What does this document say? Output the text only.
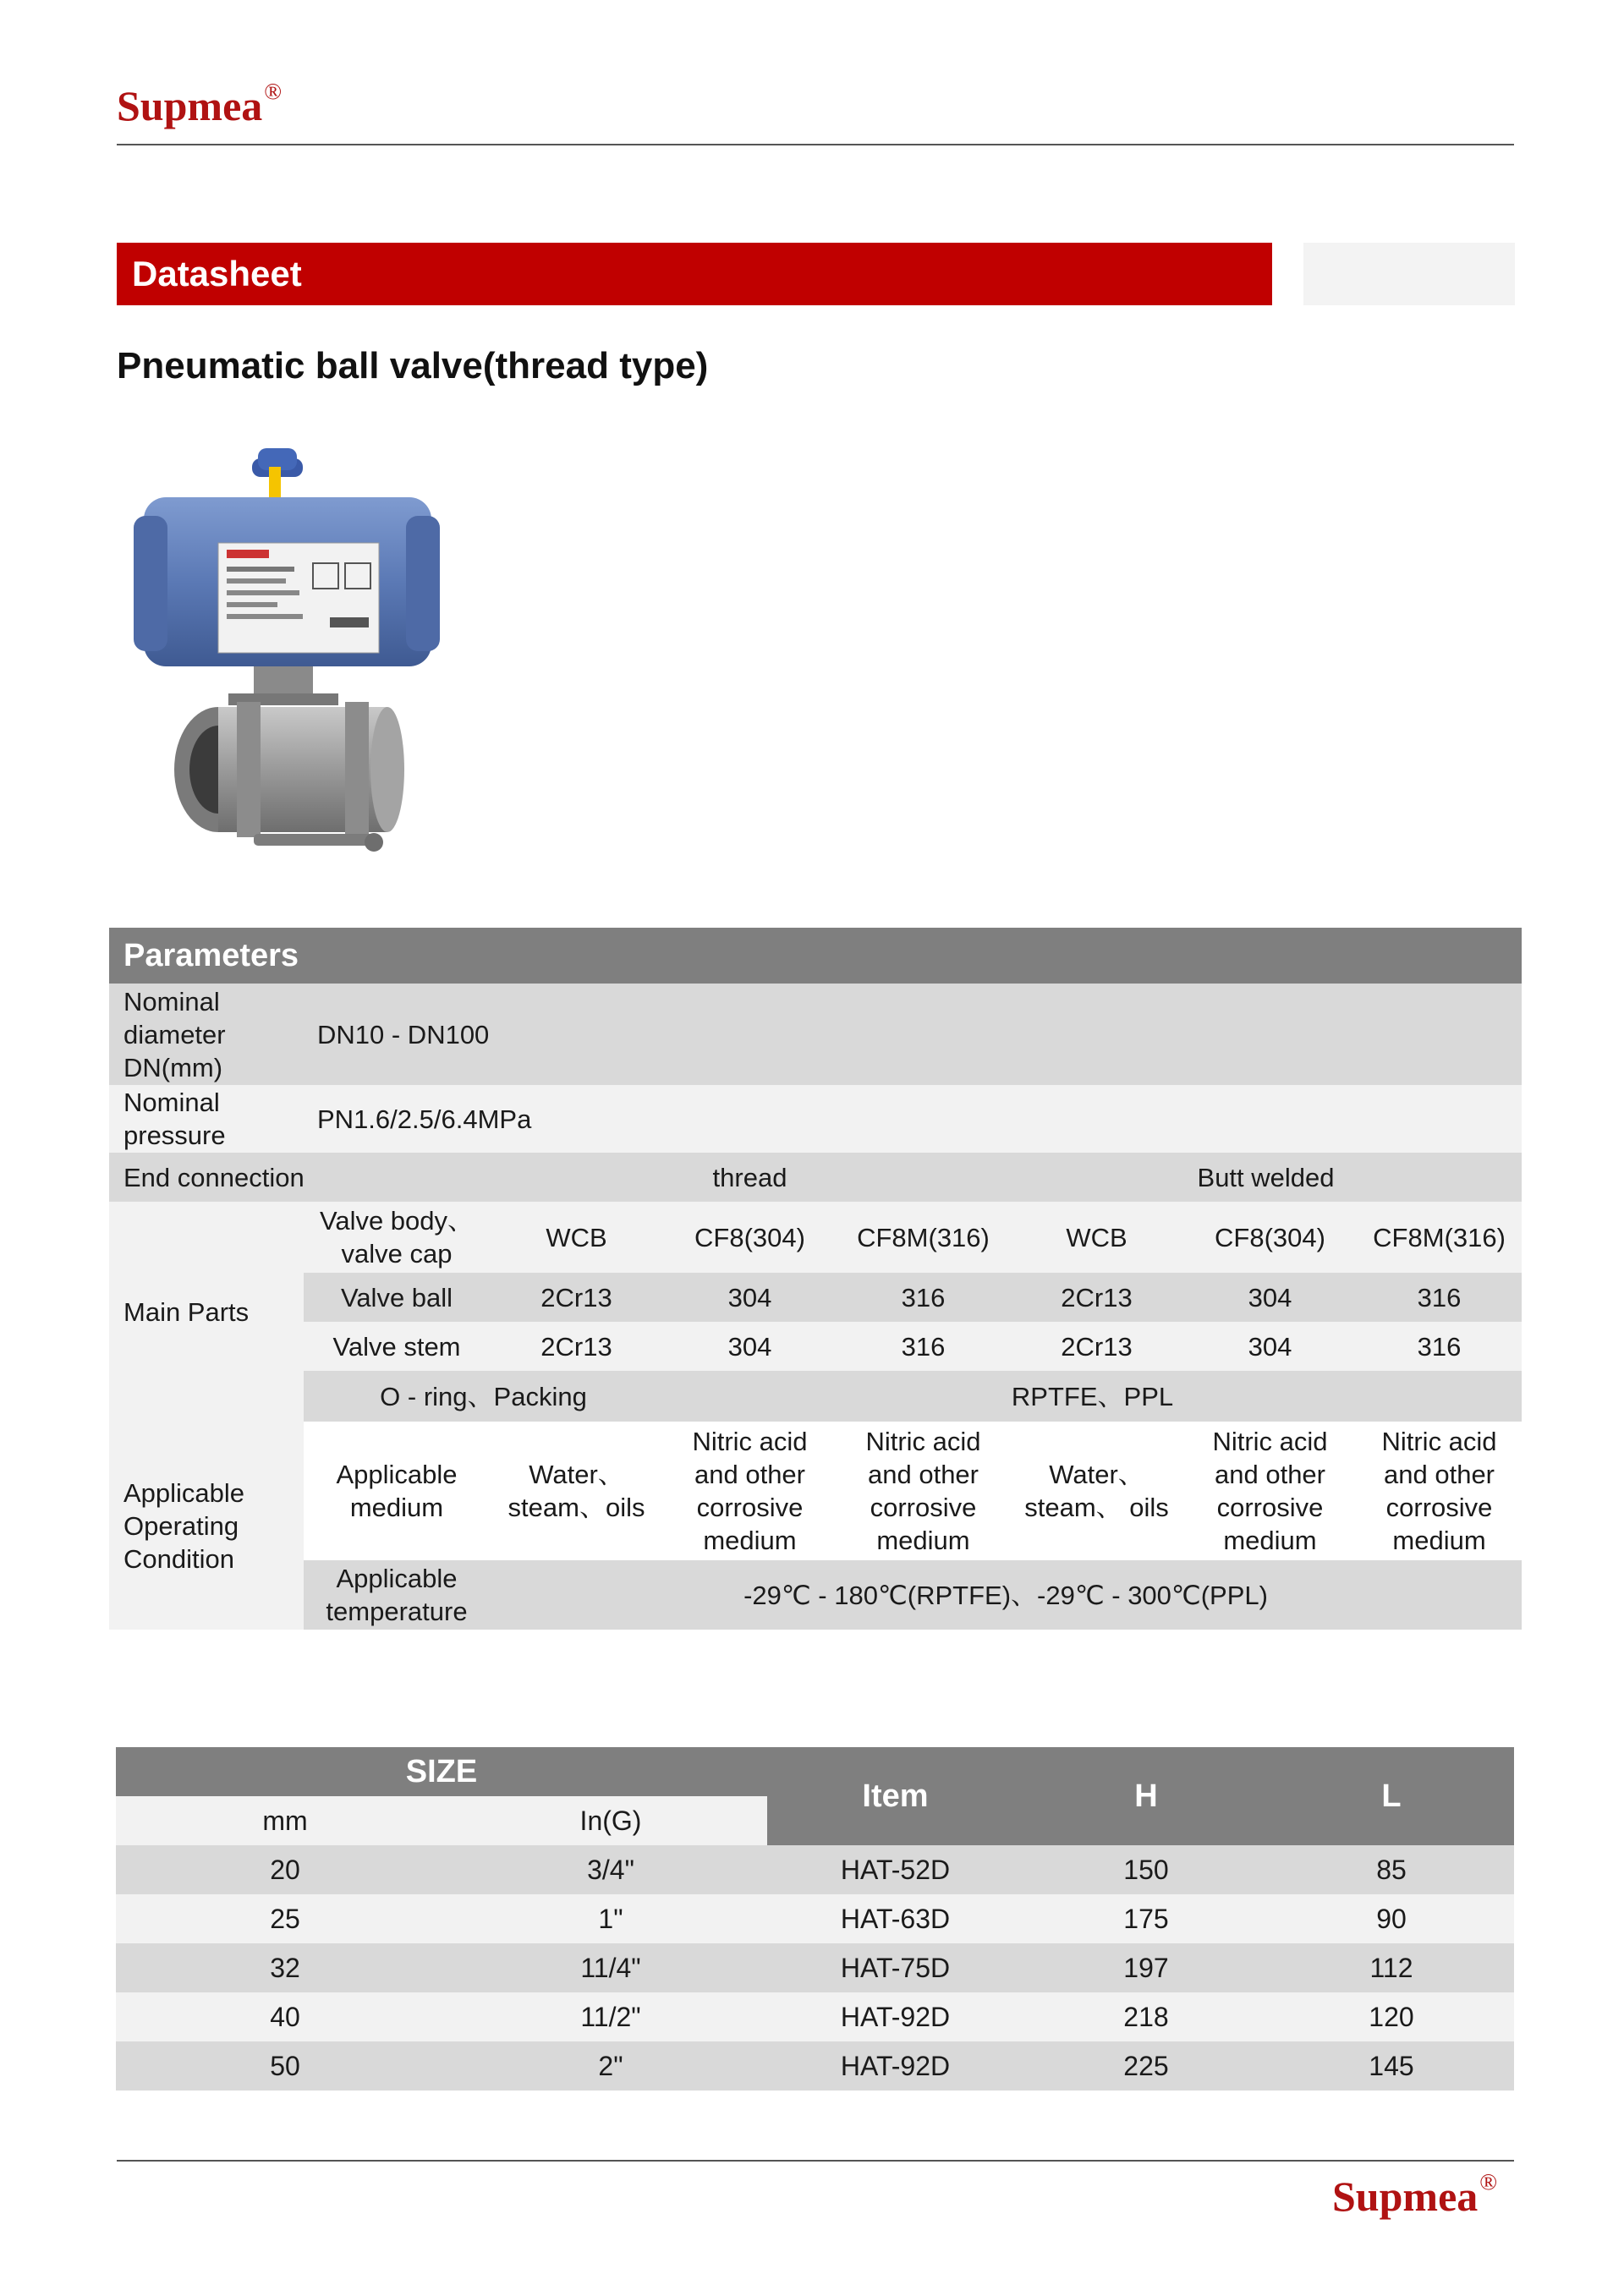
Supmea®
Datasheet
Pneumatic ball valve(thread type)
Parameters							
Nominal diameter DN(mm)	DN10 - DN100						
Nominal pressure	PN1.6/2.5/6.4MPa						
End connection		thread			Butt welded		
Main Parts	Valve body、valve cap	WCB	CF8(304)	CF8M(316)	WCB	CF8(304)	CF8M(316)
	Valve ball	2Cr13	304	316	2Cr13	304	316
	Valve stem	2Cr13	304	316	2Cr13	304	316
	O - ring、Packing		RPTFE、PPL				
Applicable Operating Condition	Applicable medium	Water、steam、oils	Nitric acid and other corrosive medium	Nitric acid and other corrosive medium	Water、steam、 oils	Nitric acid and other corrosive medium	Nitric acid and other corrosive medium
	Applicable temperature	-29℃ - 180℃(RPTFE)、-29℃ - 300℃(PPL)					
SIZE		Item	H	L
mm	In(G)			
20	3/4"	HAT-52D	150	85
25	1"	HAT-63D	175	90
32	11/4"	HAT-75D	197	112
40	11/2"	HAT-92D	218	120
50	2"	HAT-92D	225	145
Supmea®
